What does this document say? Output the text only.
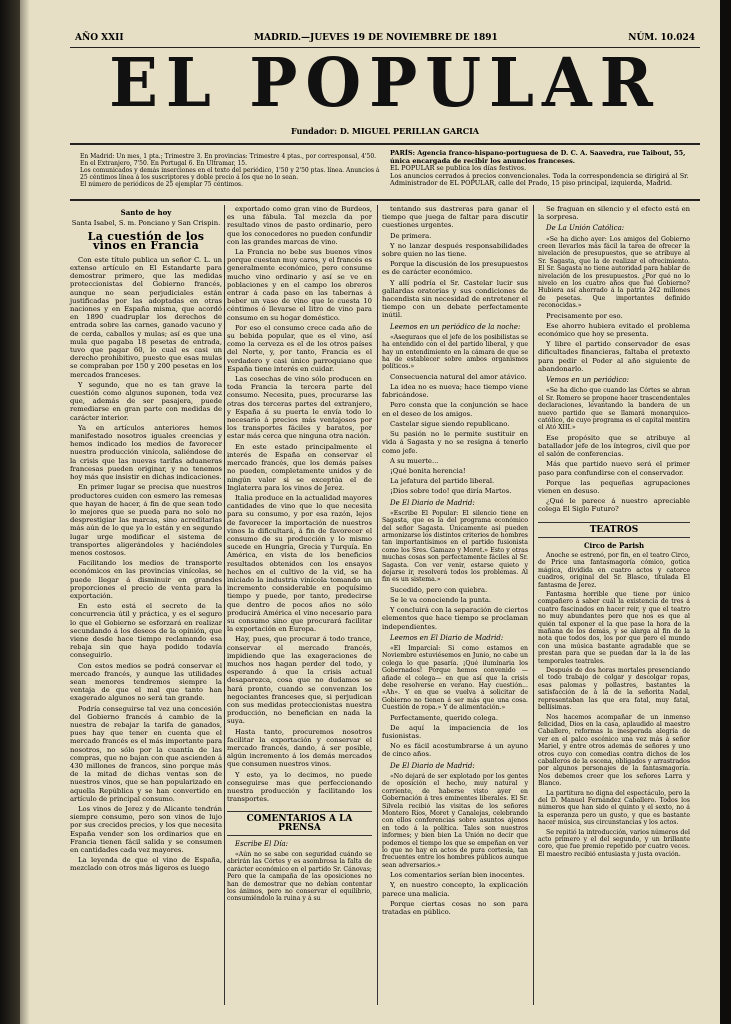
AÑO XXII	MADRID.—JUEVES 19 DE NOVIEMBRE DE 1891	NÚM. 10.024
EL POPULAR
Fundador: D. MIGUEL PERILLAN GARCIA
En Madrid: Un mes, 1 pta.; Trimestre 3. En provincias: Trimestre 4 ptas., por corresponsal, 4'50. En el Extranjero, 7'50. En Portugal 6. En Ultramar, 15.
Los comunicados y demás inserciones en el texto del periódico, 1'50 y 2'50 ptas. línea. Anuncios á 25 céntimos línea á los suscriptores y doble precio á los que no lo sean.
El número de periódicos de 25 ejemplar 75 céntimos.
PARÍS: Agencia franco-hispano-portuguesa de D. C. A. Saavedra, rue Taibout, 55, única encargada de recibir los anuncios franceses.
EL POPULAR se publica los días festivos.
Los anuncios cerrados á precios convencionales. Toda la correspondencia se dirigirá al Sr. Administrador de EL POPULAR, calle del Prado, 15 piso principal, izquierda, Madrid.
Santo de hoy

Santa Isabel, S. m. Ponciano y San Crispin.

La cuestión de los vinos en Francia

Con este título publica un señor C. L. un extenso artículo en El Estandarte para demostrar primero, que las medidas proteccionistas del Gobierno francés, aunque no sean perjudiciales están justificadas por las adoptadas en otras naciones y en España misma, que acordó en 1890 cuadruplar los derechos de entrada sobre las carnes, ganado vacuno y de cerda, caballos y mulas; así es que una mula que pagaba 18 pesetas de entrada, tuvo que pagar 60, lo cual es casi un derecho prohibitivo, puesto que esas mulas se compraban por 150 y 200 pesetas en los mercados franceses.

Y segundo, que no es tan grave la cuestión como algunos suponen, toda vez que, además de ser pasajera, puede remediarse en gran parte con medidas de carácter interior.

Ya en artículos anteriores hemos manifestado nosotros iguales creencias y hemos indicado los medios de favorecer nuestra producción vinícola, saliéndose de la crisis que las nuevas tarifas aduaneras francesas pueden originar, y no tenemos hoy más que insistir en dichas indicaciones.

En primer lugar se precisa que nuestros productores cuiden con esmero las remesas que hayan de hacer, á fin de que sean todo lo mejores que se pueda para no solo no desprestigiar las marcas, sino acreditarlas más aún de lo que ya lo están y en segundo lugar urge modificar el sistema de transportes aligerándoles y haciéndoles menos costosos.

Facilitando los medios de transporte económicos en las provincias vinícolas, se puede llegar á disminuir en grandes proporciones el precio de venta para la exportación.

En esto está el secreto de la concurrencia útil y práctica, y es el seguro lo que el Gobierno se esforzará en realizar secundando á los deseos de la opinión, que viene desde hace tiempo reclamando esa rebaja sin que haya podido todavía conseguirlo.

Con estos medios se podrá conservar el mercado francés, y aunque las utilidades sean menores tendremos siempre la ventaja de que el mal que tanto han exagerado algunos no será tan grande.

Podría conseguirse tal vez una concesión del Gobierno francés á cambio de la nuestra de rebajar la tarifa de ganados, pues hay que tener en cuenta que el mercado francés es el más importante para nosotros, no sólo por la cuantía de las compras, que no bajan con que ascienden á 430 millones de francos, sino porque más de la mitad de dichas ventas son de nuestros vinos, que se han popularizado en aquella República y se han convertido en artículo de principal consumo.

Los vinos de Jerez y de Alicante tendrán siempre consumo, pero son vinos de lujo por sus crecidos precios, y los que necesita España vender son los ordinarios que en Francia tienen fácil salida y se consumen en cantidades cada vez mayores.

La leyenda de que el vino de España, mezclado con otros más ligeros es luego

exportado como gran vino de Burdeos, es una fábula. Tal mezcla da por resultado vinos de pasto ordinario, pero que los conocedores no pueden confundir con las grandes marcas de vino.

La Francia no bebe sus buenos vinos porque cuestan muy caros, y el francés es generalmente económico, pero consume mucho vino ordinario y así se ve en poblaciones y en el campo los obreros entrar á cada paso en las tabernas á beber un vaso de vino que le cuesta 10 céntimos ó llevarse el litro de vino para consumo en su hogar doméstico.

Por eso el consumo crece cada año de su bebida popular, que es el vino, así como la cerveza es el de los otros países del Norte, y, por tanto, Francia es el verdadero y casi único parroquiano que España tiene interés en cuidar.

Las cosechas de vino sólo producen en toda Francia la tercera parte del consumo. Necesita, pues, procurarse las otras dos terceras partes del extranjero, y España á su puerta le envía todo lo necesario á precios más ventajosos por los transportes fáciles y baratos, por estar más cerca que ninguna otra nación.

En este estado principalmente el interés de España en conservar el mercado francés, que los demás países no pueden, completamente unidos y de ningún valor si se exceptúa el de Inglaterra para los vinos de Jerez.

Italia produce en la actualidad mayores cantidades de vino que lo que necesita para su consumo, y por esa razón, lejos de favorecer la importación de nuestros vinos la dificultará, á fin de favorecer el consumo de su producción y lo mismo sucede en Hungría, Grecia y Turquía. En América, en vista de los beneficios resultados obtenidos con los ensayos hechos en el cultivo de la vid, se ha iniciado la industria vinícola tomando un incremento considerable en poquísimo tiempo y puede, por tanto, predecirse que dentro de pocos años no sólo producirá América el vino necesario para su consumo sino que procurará facilitar la exportación en Europa.

Hay, pues, que procurar á todo trance, conservar el mercado francés, impidiendo que las exageraciones de muchos nos hagan perder del todo, y esperando á que la crisis actual desaparezca, cosa que no dudamos se hará pronto, cuando se convenzan los negociantes franceses que, si perjudican con sus medidas proteccionistas nuestra producción, no benefician en nada la suya.

Hasta tanto, procuremos nosotros facilitar la exportación y conservar el mercado francés, dando, á ser posible, algún incremento á los demás mercados que consumen nuestros vinos.

Y esto, ya lo decimos, no puede conseguirse mas que perfeccionando nuestra producción y facilitando los transportes.

COMENTARIOS A LA PRENSA
Escribe El Día:

«Aún no se sabe con seguridad cuándo se abrirán las Córtes y es asombrosa la falta de carácter económico en el partido Sr. Cánovas; Pero que la campaña de las oposiciones no han de demostrar que no debían contentar los ánimos, pero no conservar el equilibrio, consumiéndolo la ruina y á su

tentando sus dastreras para ganar el tiempo que juega de faltar para discutir cuestiones urgentes.

De primera.

Y no lanzar después responsabilidades sobre quien no las tiene.

Porque la discusión de los presupuestos es de carácter económico.

Y allí podría el Sr. Castelar lucir sus gallardas oratorias y sus condiciones de hacendista sin necesidad de entretener el tiempo con un debate perfectamente inútil.

Leemos en un periódico de la noche:

«Aseguraos que el jefe de los posibilistas se ha entendido con el del partido liberal, y que hay un entendimiento en la cámara de que se ha de establecer sobre ambos organismos políticos.»

Consecuencia natural del amor atávico.

La idea no es nueva; hace tiempo viene fabricándose.

Pero consta que la conjunción se hace en el deseo de los amigos.

Castelar sigue siendo republicano.

Su pasión no le permite sustituir en vida á Sagasta y no se resigna á tenerlo como jefe.

A su muerte...

¡Qué bonita herencia!

La jefatura del partido liberal.

¡Dios sobre todo! que diría Martos.

De El Diario de Madrid:

«Escribe El Popular: El silencio tiene en Sagasta, que es la del programa económico del señor Sagasta. Únicamente así pueden armonizarse los distintos criterios de hombres tan importantísimos en el partido fusionista como los Sres. Gamazo y Moret.» Esto y otras muchas cosas son perfectamente fáciles al Sr. Sagasta. Con ver venir, estarse quieto y dejarse ir, resolverá todos los problemas. Al fin es un sistema.»

Sucedido, pero con quiebra.

Se le va conociendo la punta.

Y concluirá con la separación de ciertos elementos que hace tiempo se proclaman independientes.

Leemos en El Diario de Madrid:

«El Imparcial: Si como estamos en Noviembre estuviésemos en Junio, no cabe un colega lo que pasaría. ¡Qué ilumínaria los Gobernados! Porque hemos convenido —añade el colega— en que así que la crisis debe resolverse en verano. Hay cuestión... «Ah». Y en que se vuelva á solicitar de Gobierno no tienen á ser más que una cosa. Cuestión de ropa.» Y de alimentación.»

Perfectamente, querido colega.

De aquí la impaciencia de los fusionistas.

No es fácil acostumbrarse á un ayuno de cinco años.

De El Diario de Madrid:

«No dejará de ser explotado por los gentes de oposición el hecho, muy natural y corriente, de haberse visto ayer en Gobernación á tres eminentes liberales. El Sr. Silvela recibió las visitas de los señores Montero Ríos, Moret y Canalejas, celebrando con ellos conferencias sobre asuntos ajenos en todo á la política. Tales son nuestros informes; y bien bien La Unión no decir que podemos el tiempo los que se empeñan en ver lo que no hay en actos de pura cortesía, tan frecuentes entre los hombres públicos aunque sean adversarios.»

Los comentarios serían bien inocentes.

Y, en nuestro concepto, la explicación parece una malicia.

Porque ciertas cosas no son para tratadas en público.

Se fraguan en silencio y el efecto está en la sorpresa.

De La Unión Católica:

«Se ha dicho ayer: Los amigos del Gobierno creen llevarlos más fácil la tarea de ofrecer la nivelación de presupuestos, que se atribuye al Sr. Sagasta, que la de realizar el ofrecimiento. El Sr. Sagasta no tiene autoridad para hablar de nivelación de los presupuestos. ¿Por qué no lo nivelo en los cuatro años que fué Gobierno? Hubiera así ahorrado á la patria 242 millones de pesetas. Que importantes definido reconocidas.»

Precisamente por eso.

Ese ahorro hubiera evitado el problema económico que hoy se presenta.

Y libre el partido conservador de esas dificultades financieras, faltaba el pretexto para pedir el Poder al año siguiente de abandonarlo.

Vemos en un periódico:

«Se ha dicho que cuando las Córtes se abran el Sr. Romero se propone hacer trascendentales declaraciones, levantando la bandera de un nuevo partido que se llamará monarquico-católico, de cuyo programa es el capital mentira el Ató XIII.»

Ese propósito que se atribuye al batallador jefe de los íntegros, civíl que por el salón de conferencias.

Más que partido nuevo será el primer paso para confundirse con el conservador.

Porque las pequeñas agrupaciones vienen en desuso.

¿Qué le parece á nuestro apreciable colega El Siglo Futuro?

TEATROS
Circo de Parish

Anoche se estrenó, por fin, en el teatro Circo, de Price una fantasmagoría cómico, gotica mágica, dividida en cuatro actos y catorce cuadros, original del Sr. Blasco, titulada El fantasma de Jerez.

Fantasma horrible que tiene por único compañero á saber cuál la existencia de tres á cuatro fascinados en hacer reir, y que el teatro no muy abundantes pero que nos es que al quién tal exponer el la que pase la hora de la mañana de los demás, y se alarga al fin de la nota que todos dos, los por que pero el mundo con una música bastante agradable que se prestan para que se puedan dar la la de las temporales teatrales.

Después de dos horas mortales presenciando el todo trabajo de colgar y descolgar ropas, esas palomas y pollastres, bastantes la satisfacción de á la de la señorita Nadal, representaban las que era fatal, muy fatal, bellísimas.

Nos hacemos acompañar de un inmenso felicidad, Dios en la casa, aplaudido al maestro Caballero, reformas la inesperada alegría de ver en el palco escénico una vez más á señor Mariel, y entre otros además de señores y uno otros cuyo con comedias contra dichos de los caballeros de la escena, obligados y arrastrados por algunos personajes de la fantasmagoría. Nos debemos creer que los señores Larra y Blanco.

La partitura no digna del espectáculo, pero la del D. Manuel Fernández Caballero. Todos los números que han sido el quinto y el sexto, no á la esperanza pero un gusto, y que es bastante hacer música, sus circunstancias y los actos.

Se repitió la introducción, varios números del acto primero y el del segundo, y un brillante coro, que fue premio repetido por cuatro veces. El maestro recibió entusiasta y justa ovación.
